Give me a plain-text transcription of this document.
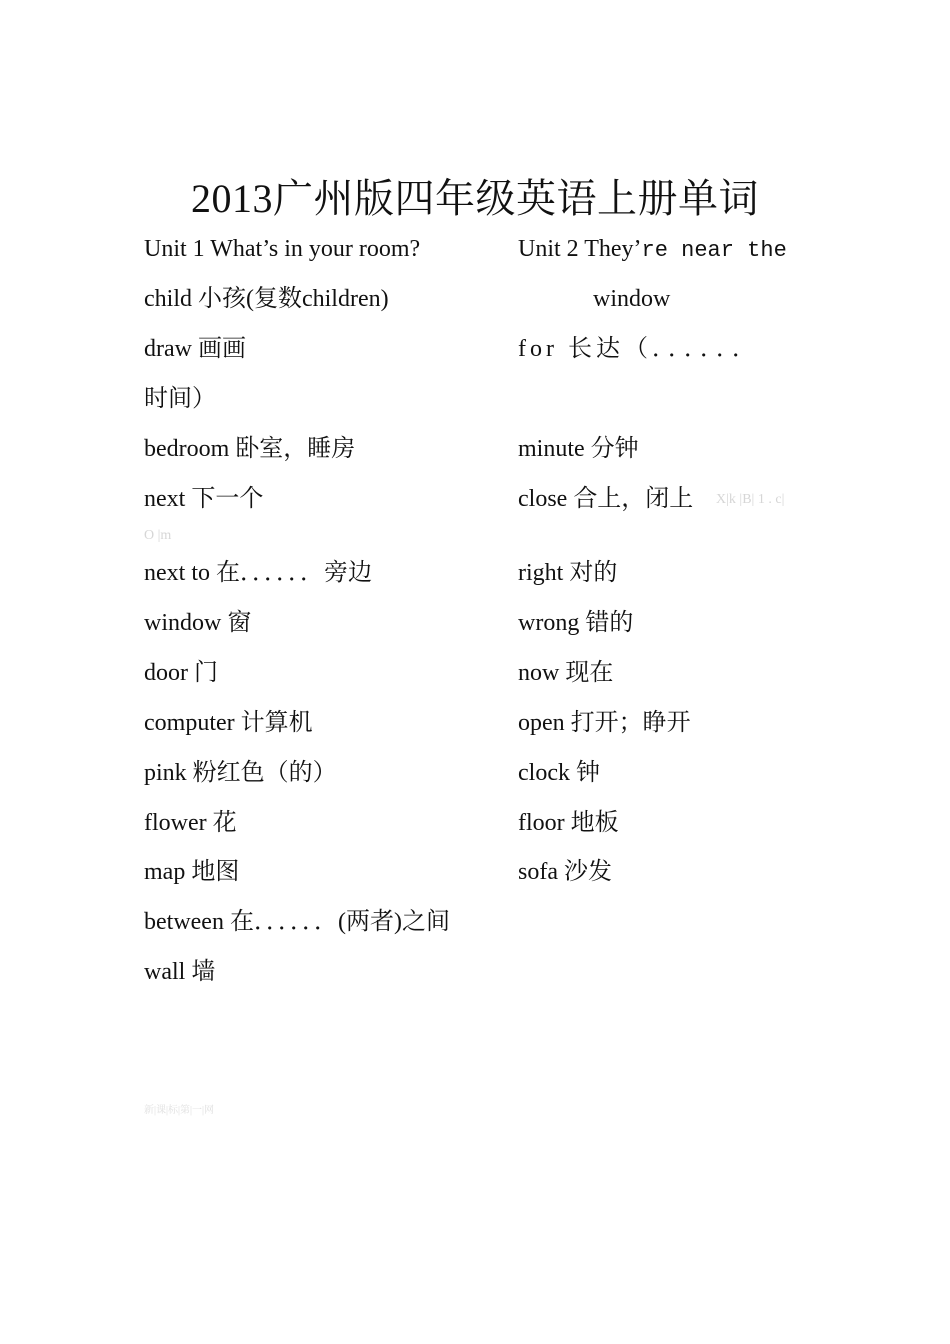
2013广州版四年级英语上册单词
Unit 1 What’s in your room?	Unit 2 They’re near the
child 小孩(复数children)	window
draw 画画	for 长达（．．．．．．
时间）
bedroom 卧室，睡房	minute 分钟
next 下一个	close 合上，闭上 X|k |B| 1 . c|
O |m
next to 在．．．．．．旁边	right 对的
window 窗	wrong 错的
door 门	now 现在
computer 计算机	open 打开；睁开
pink 粉红色（的）	clock 钟
flower 花	floor 地板
map 地图	sofa 沙发
between 在．．．．．．(两者)之间
wall 墙
新|课|标|第|一|网
